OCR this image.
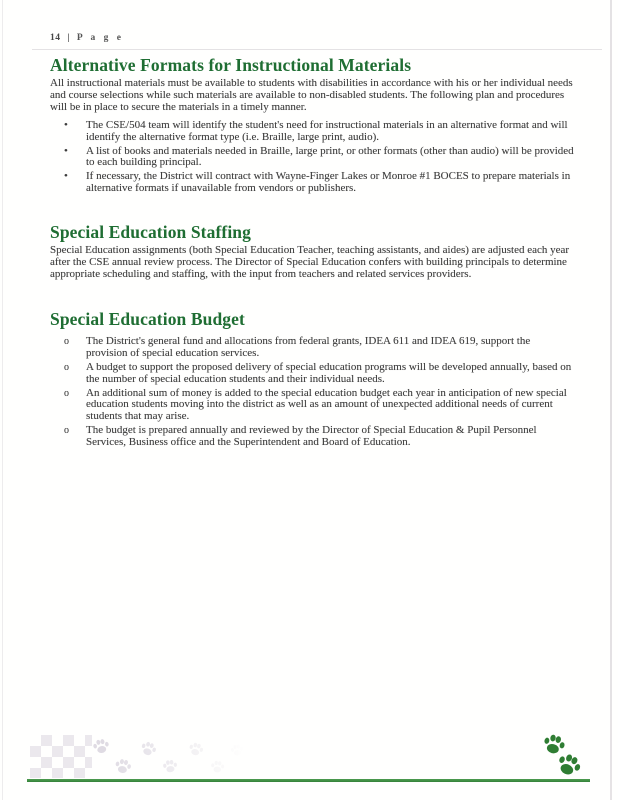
14 | P a g e
Alternative Formats for Instructional Materials

All instructional materials must be available to students with disabilities in accordance with his or her individual needs and course selections while such materials are available to non-disabled students. The following plan and procedures will be in place to secure the materials in a timely manner.

•	The CSE/504 team will identify the student's need for instructional materials in an alternative format and will identify the alternative format type (i.e. Braille, large print, audio).
•	A list of books and materials needed in Braille, large print, or other formats (other than audio) will be provided to each building principal.
•	If necessary, the District will contract with Wayne-Finger Lakes or Monroe #1 BOCES to prepare materials in alternative formats if unavailable from vendors or publishers.
Special Education Staffing

Special Education assignments (both Special Education Teacher, teaching assistants, and aides) are adjusted each year after the CSE annual review process. The Director of Special Education confers with building principals to determine appropriate scheduling and staffing, with the input from teachers and related services providers.

Special Education Budget
o	The District's general fund and allocations from federal grants, IDEA 611 and IDEA 619, support the provision of special education services.
o	A budget to support the proposed delivery of special education programs will be developed annually, based on the number of special education students and their individual needs.
o	An additional sum of money is added to the special education budget each year in anticipation of new special education students moving into the district as well as an amount of unexpected additional needs of current students that may arise.
o	The budget is prepared annually and reviewed by the Director of Special Education & Pupil Personnel Services, Business office and the Superintendent and Board of Education.
